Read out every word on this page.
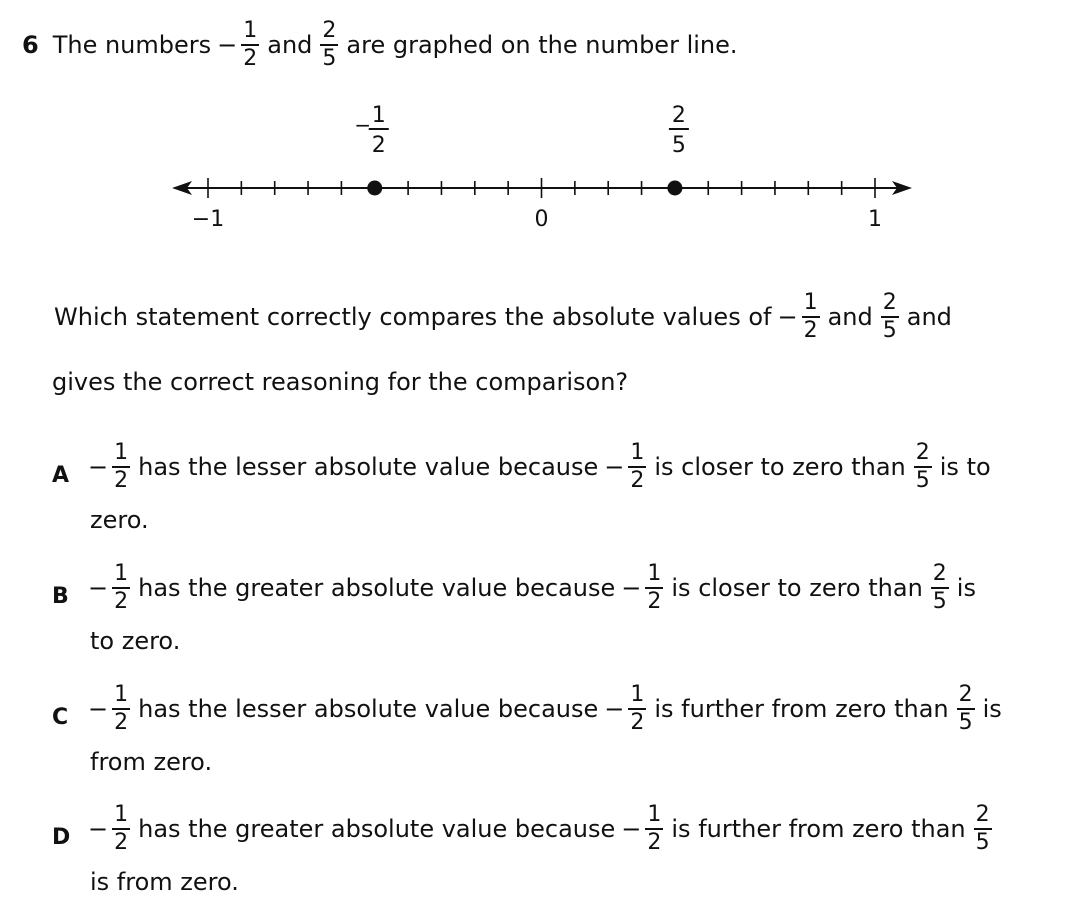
6 The numbers − $\frac{1}{2}$ and $\frac{2}{5}$ are graphed on the number line.
−1	0	1
1
2
−	2
5
Which statement correctly compares the absolute values of − $\frac{1}{2}$ and $\frac{2}{5}$ and
gives the correct reasoning for the comparison?
$A - \frac{1}{2}$ has the lesser absolute value because − $\frac{1}{2}$ is closer to zero than $\frac{2}{5}$ is to
zero.
$B - \frac{1}{2}$ has the greater absolute value because − $\frac{1}{2}$ is closer to zero than $\frac{2}{5}$ is
to zero.
$C - \frac{1}{2}$ has the lesser absolute value because − $\frac{1}{2}$ is further from zero than $\frac{2}{5}$ is
from zero.
$D - \frac{1}{2}$ has the greater absolute value because − $\frac{1}{2}$ is further from zero than $\frac{2}{5}$
is from zero.
